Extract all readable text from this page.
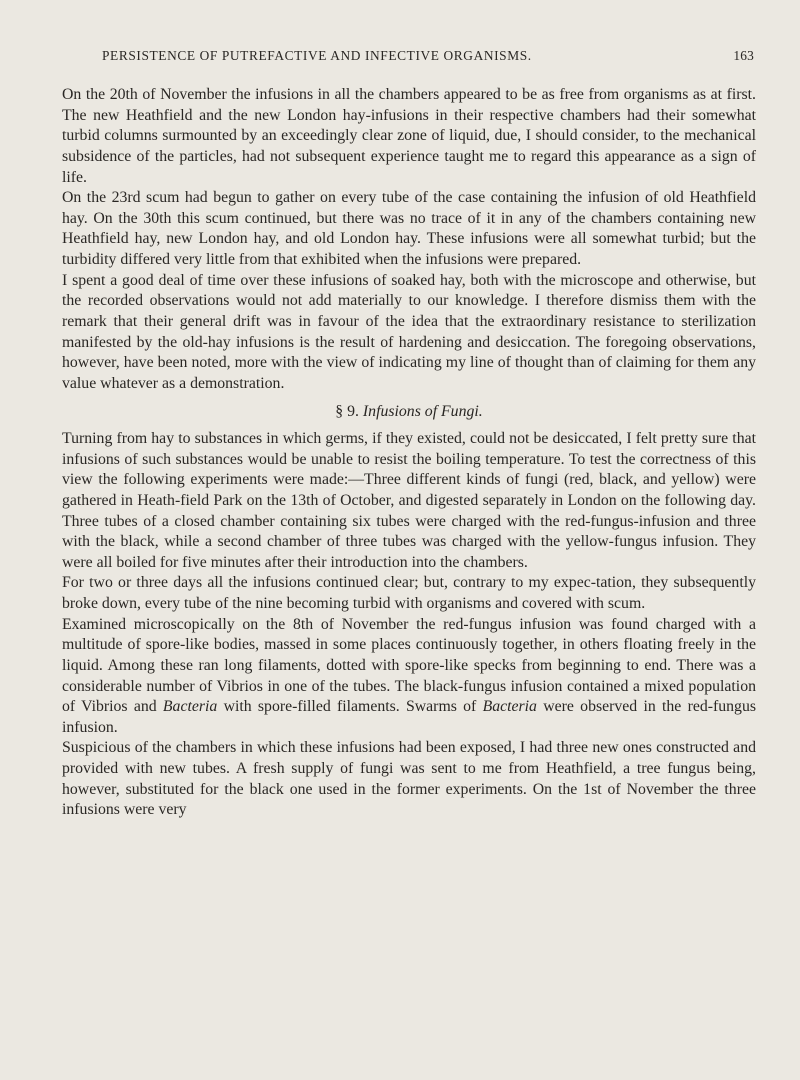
PERSISTENCE OF PUTREFACTIVE AND INFECTIVE ORGANISMS.	163

On the 20th of November the infusions in all the chambers appeared to be as free from organisms as at first. The new Heathfield and the new London hay-infusions in their respective chambers had their somewhat turbid columns surmounted by an exceedingly clear zone of liquid, due, I should consider, to the mechanical subsidence of the particles, had not subsequent experience taught me to regard this appearance as a sign of life.

On the 23rd scum had begun to gather on every tube of the case containing the infusion of old Heathfield hay. On the 30th this scum continued, but there was no trace of it in any of the chambers containing new Heathfield hay, new London hay, and old London hay. These infusions were all somewhat turbid; but the turbidity differed very little from that exhibited when the infusions were prepared.

I spent a good deal of time over these infusions of soaked hay, both with the microscope and otherwise, but the recorded observations would not add materially to our knowledge. I therefore dismiss them with the remark that their general drift was in favour of the idea that the extraordinary resistance to sterilization manifested by the old-hay infusions is the result of hardening and desiccation. The foregoing observations, however, have been noted, more with the view of indicating my line of thought than of claiming for them any value whatever as a demonstration.

§ 9. Infusions of Fungi.

Turning from hay to substances in which germs, if they existed, could not be desiccated, I felt pretty sure that infusions of such substances would be unable to resist the boiling temperature. To test the correctness of this view the following experiments were made:—Three different kinds of fungi (red, black, and yellow) were gathered in Heath-field Park on the 13th of October, and digested separately in London on the following day. Three tubes of a closed chamber containing six tubes were charged with the red-fungus-infusion and three with the black, while a second chamber of three tubes was charged with the yellow-fungus infusion. They were all boiled for five minutes after their introduction into the chambers.

For two or three days all the infusions continued clear; but, contrary to my expec-tation, they subsequently broke down, every tube of the nine becoming turbid with organisms and covered with scum.

Examined microscopically on the 8th of November the red-fungus infusion was found charged with a multitude of spore-like bodies, massed in some places continuously together, in others floating freely in the liquid. Among these ran long filaments, dotted with spore-like specks from beginning to end. There was a considerable number of Vibrios in one of the tubes. The black-fungus infusion contained a mixed population of Vibrios and Bacteria with spore-filled filaments. Swarms of Bacteria were observed in the red-fungus infusion.

Suspicious of the chambers in which these infusions had been exposed, I had three new ones constructed and provided with new tubes. A fresh supply of fungi was sent to me from Heathfield, a tree fungus being, however, substituted for the black one used in the former experiments. On the 1st of November the three infusions were very
